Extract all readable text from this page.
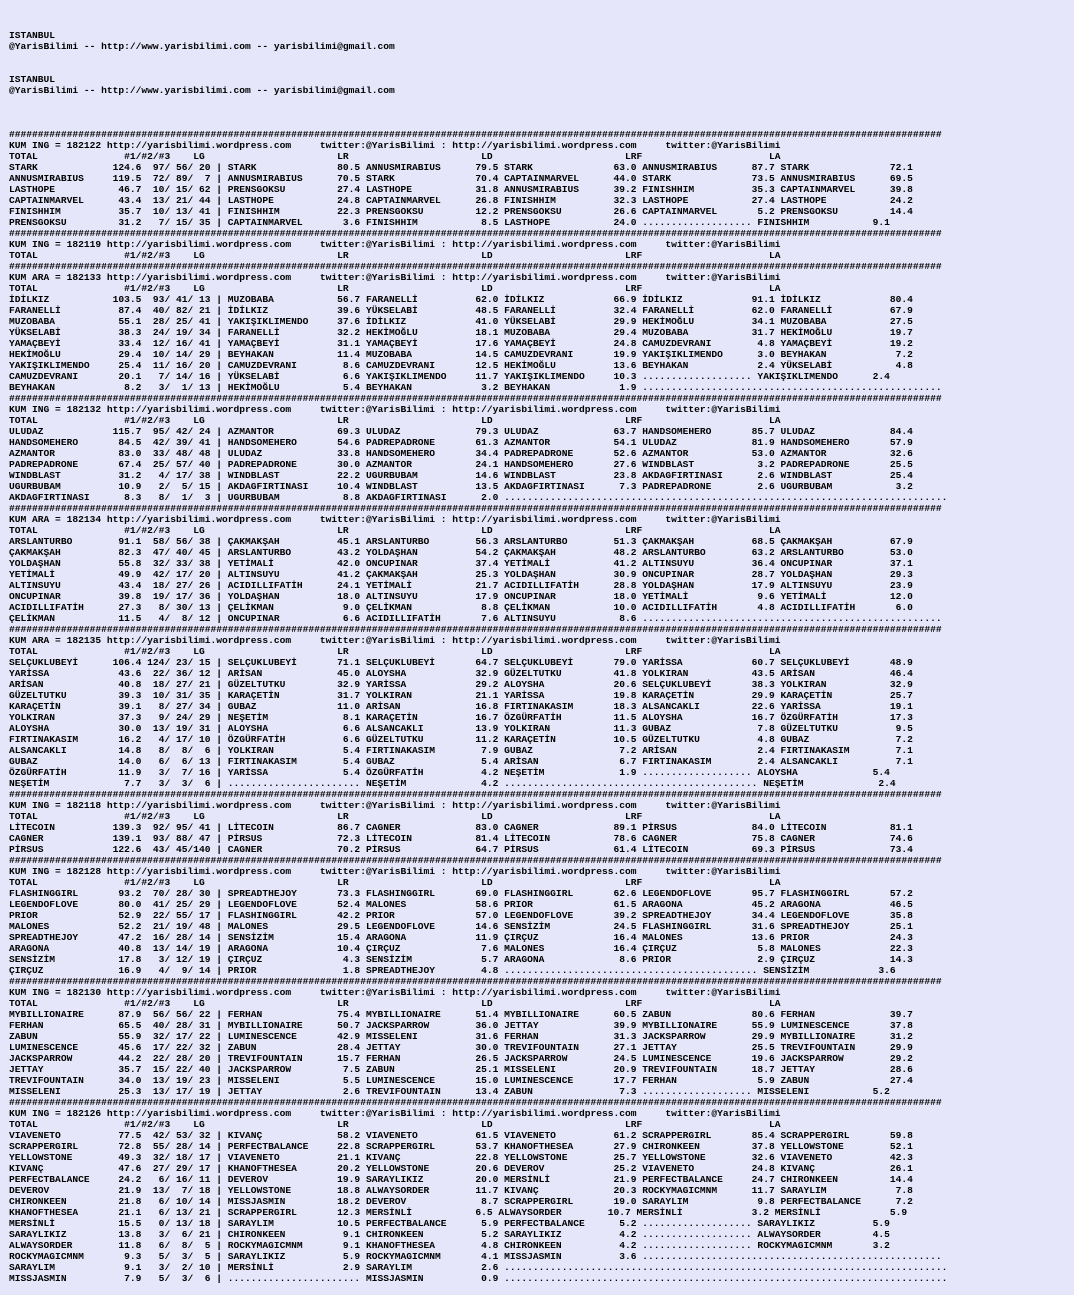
ISTANBUL
@YarisBilimi -- http://www.yarisbilimi.com -- yarisbilimi@gmail.com

ISTANBUL
@YarisBilimi -- http://www.yarisbilimi.com -- yarisbilimi@gmail.com

##################################################################################################################################################################
KUM ING = 182122 http://yarisbilimi.wordpress.com     twitter:@YarisBilimi : http://yarisbilimi.wordpress.com     twitter:@YarisBilimi
TOTAL               #1/#2/#3    LG                       LR                       LD                       LRF                      LA
STARK             124.6  97/ 56/ 20 | STARK              80.5 ANNUSMIRABIUS      79.5 STARK              63.0 ANNUSMIRABIUS      87.7 STARK              72.1
ANNUSMIRABIUS     119.5  72/ 89/  7 | ANNUSMIRABIUS      70.5 STARK              70.4 CAPTAINMARVEL      44.0 STARK              73.5 ANNUSMIRABIUS      69.5
LASTHOPE           46.7  10/ 15/ 62 | PRENSGOKSU         27.4 LASTHOPE           31.8 ANNUSMIRABIUS      39.2 FINISHHIM          35.3 CAPTAINMARVEL      39.8
CAPTAINMARVEL      43.4  13/ 21/ 44 | LASTHOPE           24.8 CAPTAINMARVEL      26.8 FINISHHIM          32.3 LASTHOPE           27.4 LASTHOPE           24.2
FINISHHIM          35.7  10/ 13/ 41 | FINISHHIM          22.3 PRENSGOKSU         12.2 PRENSGOKSU         26.6 CAPTAINMARVEL       5.2 PRENSGOKSU         14.4
PRENSGOKSU         31.2   7/ 15/ 35 | CAPTAINMARVEL       3.6 FINISHHIM           8.5 LASTHOPE           24.0 ................... FINISHHIM           9.1
##################################################################################################################################################################
KUM ING = 182119 http://yarisbilimi.wordpress.com     twitter:@YarisBilimi : http://yarisbilimi.wordpress.com     twitter:@YarisBilimi
TOTAL               #1/#2/#3    LG                       LR                       LD                       LRF                      LA
##################################################################################################################################################################
KUM ARA = 182133 http://yarisbilimi.wordpress.com     twitter:@YarisBilimi : http://yarisbilimi.wordpress.com     twitter:@YarisBilimi
TOTAL               #1/#2/#3    LG                       LR                       LD                       LRF                      LA
İDİLKIZ           103.5  93/ 41/ 13 | MUZOBABA           56.7 FARANELLİ          62.0 İDİLKIZ            66.9 İDİLKIZ            91.1 İDİLKIZ            80.4
FARANELLİ          87.4  40/ 82/ 21 | İDİLKIZ            39.6 YÜKSELABİ          48.5 FARANELLİ          32.4 FARANELLİ          62.0 FARANELLİ          67.9
MUZOBABA           55.1  28/ 25/ 41 | YAKIŞIKLIMENDO     37.6 İDİLKIZ            41.0 YÜKSELABİ          29.9 HEKİMOĞLU          34.1 MUZOBABA           27.5
YÜKSELABİ          38.3  24/ 19/ 34 | FARANELLİ          32.2 HEKİMOĞLU          18.1 MUZOBABA           29.4 MUZOBABA           31.7 HEKİMOĞLU          19.7
YAMAÇBEYİ          33.4  12/ 16/ 41 | YAMAÇBEYİ          31.1 YAMAÇBEYİ          17.6 YAMAÇBEYİ          24.8 CAMUZDEVRANI        4.8 YAMAÇBEYİ          19.2
HEKİMOĞLU          29.4  10/ 14/ 29 | BEYHAKAN           11.4 MUZOBABA           14.5 CAMUZDEVRANI       19.9 YAKIŞIKLIMENDO      3.0 BEYHAKAN            7.2
YAKIŞIKLIMENDO     25.4  11/ 16/ 20 | CAMUZDEVRANI        8.6 CAMUZDEVRANI       12.5 HEKİMOĞLU          13.6 BEYHAKAN            2.4 YÜKSELABİ           4.8
CAMUZDEVRANI       20.1   7/ 14/ 16 | YÜKSELABİ           6.6 YAKIŞIKLIMENDO     11.7 YAKIŞIKLIMENDO     10.3 ................... YAKIŞIKLIMENDO      2.4
BEYHAKAN            8.2   3/  1/ 13 | HEKİMOĞLU           5.4 BEYHAKAN            3.2 BEYHAKAN            1.9 ....................................................
##################################################################################################################################################################
KUM ING = 182132 http://yarisbilimi.wordpress.com     twitter:@YarisBilimi : http://yarisbilimi.wordpress.com     twitter:@YarisBilimi
TOTAL               #1/#2/#3    LG                       LR                       LD                       LRF                      LA
ULUDAZ            115.7  95/ 42/ 24 | AZMANTOR           69.3 ULUDAZ             79.3 ULUDAZ             63.7 HANDSOMEHERO       85.7 ULUDAZ             84.4
HANDSOMEHERO       84.5  42/ 39/ 41 | HANDSOMEHERO       54.6 PADREPADRONE       61.3 AZMANTOR           54.1 ULUDAZ             81.9 HANDSOMEHERO       57.9
AZMANTOR           83.0  33/ 48/ 48 | ULUDAZ             33.8 HANDSOMEHERO       34.4 PADREPADRONE       52.6 AZMANTOR           53.0 AZMANTOR           32.6
PADREPADRONE       67.4  25/ 57/ 40 | PADREPADRONE       30.0 AZMANTOR           24.1 HANDSOMEHERO       27.6 WINDBLAST           3.2 PADREPADRONE       25.5
WINDBLAST          31.2   4/ 17/ 38 | WINDBLAST          22.2 UGURBUBAM          14.6 WINDBLAST          23.8 AKDAGFIRTINASI      2.6 WINDBLAST          25.4
UGURBUBAM          10.9   2/  5/ 15 | AKDAGFIRTINASI     10.4 WINDBLAST          13.5 AKDAGFIRTINASI      7.3 PADREPADRONE        2.6 UGURBUBAM           3.2
AKDAGFIRTINASI      8.3   8/  1/  3 | UGURBUBAM           8.8 AKDAGFIRTINASI      2.0 .............................................................................
##################################################################################################################################################################
KUM ARA = 182134 http://yarisbilimi.wordpress.com     twitter:@YarisBilimi : http://yarisbilimi.wordpress.com     twitter:@YarisBilimi
TOTAL               #1/#2/#3    LG                       LR                       LD                       LRF                      LA
ARSLANTURBO        91.1  58/ 56/ 38 | ÇAKMAKŞAH          45.1 ARSLANTURBO        56.3 ARSLANTURBO        51.3 ÇAKMAKŞAH          68.5 ÇAKMAKŞAH          67.9
ÇAKMAKŞAH          82.3  47/ 40/ 45 | ARSLANTURBO        43.2 YOLDAŞHAN          54.2 ÇAKMAKŞAH          48.2 ARSLANTURBO        63.2 ARSLANTURBO        53.0
YOLDAŞHAN          55.8  32/ 33/ 38 | YETİMALİ           42.0 ONCUPINAR          37.4 YETİMALİ           41.2 ALTINSUYU          36.4 ONCUPINAR          37.1
YETİMALİ           49.9  42/ 17/ 20 | ALTINSUYU          41.2 ÇAKMAKŞAH          25.3 YOLDAŞHAN          30.9 ONCUPINAR          28.7 YOLDAŞHAN          29.3
ALTINSUYU          43.4  18/ 27/ 26 | ACIDILLIFATİH      24.1 YETİMALİ           21.7 ACIDILLIFATİH      28.8 YOLDAŞHAN          17.9 ALTINSUYU          23.9
ONCUPINAR          39.8  19/ 17/ 36 | YOLDAŞHAN          18.0 ALTINSUYU          17.9 ONCUPINAR          18.0 YETİMALİ            9.6 YETİMALİ           12.0
ACIDILLIFATİH      27.3   8/ 30/ 13 | ÇELİKMAN            9.0 ÇELİKMAN            8.8 ÇELİKMAN           10.0 ACIDILLIFATİH       4.8 ACIDILLIFATİH       6.0
ÇELİKMAN           11.5   4/  8/ 12 | ONCUPINAR           6.6 ACIDILLIFATİH       7.6 ALTINSUYU           8.6 ....................................................
##################################################################################################################################################################
KUM ARA = 182135 http://yarisbilimi.wordpress.com     twitter:@YarisBilimi : http://yarisbilimi.wordpress.com     twitter:@YarisBilimi
TOTAL               #1/#2/#3    LG                       LR                       LD                       LRF                      LA
SELÇUKLUBEYİ      106.4 124/ 23/ 15 | SELÇUKLUBEYİ       71.1 SELÇUKLUBEYİ       64.7 SELÇUKLUBEYİ       79.0 YARİSSA            60.7 SELÇUKLUBEYİ       48.9
YARİSSA            43.6  22/ 36/ 12 | ARİSAN             45.0 ALOYSHA            32.9 GÜZELTUTKU         41.8 YOLKIRAN           43.5 ARİSAN             46.4
ARİSAN             40.8  18/ 27/ 21 | GÜZELTUTKU         32.9 YARİSSA            29.2 ALOYSHA            20.6 SELÇUKLUBEYİ       38.3 YOLKIRAN           32.9
GÜZELTUTKU         39.3  10/ 31/ 35 | KARAÇETİN          31.7 YOLKIRAN           21.1 YARİSSA            19.8 KARAÇETİN          29.9 KARAÇETİN          25.7
KARAÇETİN          39.1   8/ 27/ 34 | GUBAZ              11.0 ARİSAN             16.8 FIRTINAKASIM       18.3 ALSANCAKLI         22.6 YARİSSA            19.1
YOLKIRAN           37.3   9/ 24/ 29 | NEŞETİM             8.1 KARAÇETİN          16.7 ÖZGÜRFATİH         11.5 ALOYSHA            16.7 ÖZGÜRFATİH         17.3
ALOYSHA            30.0  13/ 19/ 31 | ALOYSHA             6.6 ALSANCAKLI         13.9 YOLKIRAN           11.3 GUBAZ               7.8 GÜZELTUTKU          9.5
FIRTINAKASIM       16.2   4/ 17/ 10 | ÖZGÜRFATİH          6.6 GÜZELTUTKU         11.2 KARAÇETİN          10.5 GÜZELTUTKU          4.8 GUBAZ               7.2
ALSANCAKLI         14.8   8/  8/  6 | YOLKIRAN            5.4 FIRTINAKASIM        7.9 GUBAZ               7.2 ARİSAN              2.4 FIRTINAKASIM        7.1
GUBAZ              14.0   6/  6/ 13 | FIRTINAKASIM        5.4 GUBAZ               5.4 ARİSAN              6.7 FIRTINAKASIM        2.4 ALSANCAKLI          7.1
ÖZGÜRFATİH         11.9   3/  7/ 16 | YARİSSA             5.4 ÖZGÜRFATİH          4.2 NEŞETİM             1.9 ................... ALOYSHA             5.4
NEŞETİM             7.7   3/  3/  6 | ....................... NEŞETİM             4.2 ............................................ NEŞETİM             2.4
##################################################################################################################################################################
KUM ING = 182118 http://yarisbilimi.wordpress.com     twitter:@YarisBilimi : http://yarisbilimi.wordpress.com     twitter:@YarisBilimi
TOTAL               #1/#2/#3    LG                       LR                       LD                       LRF                      LA
LİTECOIN          139.3  92/ 95/ 41 | LİTECOIN           86.7 CAGNER             83.0 CAGNER             89.1 PİRSUS             84.0 LİTECOIN           81.1
CAGNER            139.1  93/ 88/ 47 | PİRSUS             72.3 LİTECOIN           81.4 LİTECOIN           78.6 CAGNER             75.8 CAGNER             74.6
PİRSUS            122.6  43/ 45/140 | CAGNER             70.2 PİRSUS             64.7 PİRSUS             61.4 LİTECOIN           69.3 PİRSUS             73.4
##################################################################################################################################################################
KUM ING = 182128 http://yarisbilimi.wordpress.com     twitter:@YarisBilimi : http://yarisbilimi.wordpress.com     twitter:@YarisBilimi
TOTAL               #1/#2/#3    LG                       LR                       LD                       LRF                      LA
FLASHINGGIRL       93.2  70/ 28/ 30 | SPREADTHEJOY       73.3 FLASHINGGIRL       69.0 FLASHINGGIRL       62.6 LEGENDOFLOVE       95.7 FLASHINGGIRL       57.2
LEGENDOFLOVE       80.0  41/ 25/ 29 | LEGENDOFLOVE       52.4 MALONES            58.6 PRIOR              61.5 ARAGONA            45.2 ARAGONA            46.5
PRIOR              52.9  22/ 55/ 17 | FLASHINGGIRL       42.2 PRIOR              57.0 LEGENDOFLOVE       39.2 SPREADTHEJOY       34.4 LEGENDOFLOVE       35.8
MALONES            52.2  21/ 19/ 48 | MALONES            29.5 LEGENDOFLOVE       14.6 SENSİZİM           24.5 FLASHINGGIRL       31.6 SPREADTHEJOY       25.1
SPREADTHEJOY       47.2  16/ 28/ 14 | SENSİZİM           15.4 ARAGONA            11.9 ÇIRÇUZ             16.4 MALONES            13.6 PRIOR              24.3
ARAGONA            40.8  13/ 14/ 19 | ARAGONA            10.4 ÇIRÇUZ              7.6 MALONES            16.4 ÇIRÇUZ              5.8 MALONES            22.3
SENSİZİM           17.8   3/ 12/ 19 | ÇIRÇUZ              4.3 SENSİZİM            5.7 ARAGONA             8.6 PRIOR               2.9 ÇIRÇUZ             14.3
ÇIRÇUZ             16.9   4/  9/ 14 | PRIOR               1.8 SPREADTHEJOY        4.8 ............................................ SENSİZİM            3.6
##################################################################################################################################################################
KUM ING = 182130 http://yarisbilimi.wordpress.com     twitter:@YarisBilimi : http://yarisbilimi.wordpress.com     twitter:@YarisBilimi
TOTAL               #1/#2/#3    LG                       LR                       LD                       LRF                      LA
MYBILLIONAIRE      87.9  56/ 56/ 22 | FERHAN             75.4 MYBILLIONAIRE      51.4 MYBILLIONAIRE      60.5 ZABUN              80.6 FERHAN             39.7
FERHAN             65.5  40/ 28/ 31 | MYBILLIONAIRE      50.7 JACKSPARROW        36.0 JETTAY             39.9 MYBILLIONAIRE      55.9 LUMINESCENCE       37.8
ZABUN              55.9  32/ 17/ 22 | LUMINESCENCE       42.9 MISSELENI          31.6 FERHAN             31.3 JACKSPARROW        29.9 MYBILLIONAIRE      31.2
LUMINESCENCE       45.6  17/ 22/ 32 | ZABUN              28.4 JETTAY             30.0 TREVIFOUNTAIN      27.1 JETTAY             25.5 TREVIFOUNTAIN      29.9
JACKSPARROW        44.2  22/ 28/ 20 | TREVIFOUNTAIN      15.7 FERHAN             26.5 JACKSPARROW        24.5 LUMINESCENCE       19.6 JACKSPARROW        29.2
JETTAY             35.7  15/ 22/ 40 | JACKSPARROW         7.5 ZABUN              25.1 MISSELENI          20.9 TREVIFOUNTAIN      18.7 JETTAY             28.6
TREVIFOUNTAIN      34.0  13/ 19/ 23 | MISSELENI           5.5 LUMINESCENCE       15.0 LUMINESCENCE       17.7 FERHAN              5.9 ZABUN              27.4
MISSELENI          25.3  13/ 17/ 19 | JETTAY              2.6 TREVIFOUNTAIN      13.4 ZABUN               7.3 ................... MISSELENI           5.2
##################################################################################################################################################################
KUM ING = 182126 http://yarisbilimi.wordpress.com     twitter:@YarisBilimi : http://yarisbilimi.wordpress.com     twitter:@YarisBilimi
TOTAL               #1/#2/#3    LG                       LR                       LD                       LRF                      LA
VIAVENETO          77.5  42/ 53/ 32 | KIVANÇ             58.2 VIAVENETO          61.5 VIAVENETO          61.2 SCRAPPERGIRL       85.4 SCRAPPERGIRL       59.8
SCRAPPERGIRL       72.8  55/ 28/ 14 | PERFECTBALANCE     22.8 SCRAPPERGIRL       53.7 KHANOFTHESEA       27.9 CHIRONKEEN         37.8 YELLOWSTONE        52.1
YELLOWSTONE        49.3  32/ 18/ 17 | VIAVENETO          21.1 KIVANÇ             22.8 YELLOWSTONE        25.7 YELLOWSTONE        32.6 VIAVENETO          42.3
KIVANÇ             47.6  27/ 29/ 17 | KHANOFTHESEA       20.2 YELLOWSTONE        20.6 DEVEROV            25.2 VIAVENETO          24.8 KIVANÇ             26.1
PERFECTBALANCE     24.2   6/ 16/ 11 | DEVEROV            19.9 SARAYLIKIZ         20.0 MERSİNLİ           21.9 PERFECTBALANCE     24.7 CHIRONKEEN         14.4
DEVEROV            21.9  13/  7/ 18 | YELLOWSTONE        18.8 ALWAYSORDER        11.7 KIVANÇ             20.3 ROCKYMAGICMNM      11.7 SARAYLIM            7.8
CHIRONKEEN         21.8   6/ 10/ 14 | MISSJASMIN         18.2 DEVEROV             8.7 SCRAPPERGIRL       19.0 SARAYLIM            9.8 PERFECTBALANCE      7.2
KHANOFTHESEA       21.1   6/ 13/ 21 | SCRAPPERGIRL       12.3 MERSİNLİ           6.5 ALWAYSORDER        10.7 MERSİNLİ            3.2 MERSİNLİ            5.9
MERSİNLİ           15.5   0/ 13/ 18 | SARAYLIM           10.5 PERFECTBALANCE      5.9 PERFECTBALANCE      5.2 ................... SARAYLIKIZ          5.9
SARAYLIKIZ         13.8   3/  6/ 21 | CHIRONKEEN          9.1 CHIRONKEEN          5.2 SARAYLIKIZ          4.2 ................... ALWAYSORDER         4.5
ALWAYSORDER        11.8   6/  8/  5 | ROCKYMAGICMNM       9.1 KHANOFTHESEA        4.8 CHIRONKEEN          4.2 ................... ROCKYMAGICMNM       3.2
ROCKYMAGICMNM       9.3   5/  3/  5 | SARAYLIKIZ          5.9 ROCKYMAGICMNM       4.1 MISSJASMIN          3.6 ....................................................
SARAYLIM            9.1   3/  2/ 10 | MERSİNLİ            2.9 SARAYLIM            2.6 .............................................................................
MISSJASMIN          7.9   5/  3/  6 | ....................... MISSJASMIN          0.9 .............................................................................
